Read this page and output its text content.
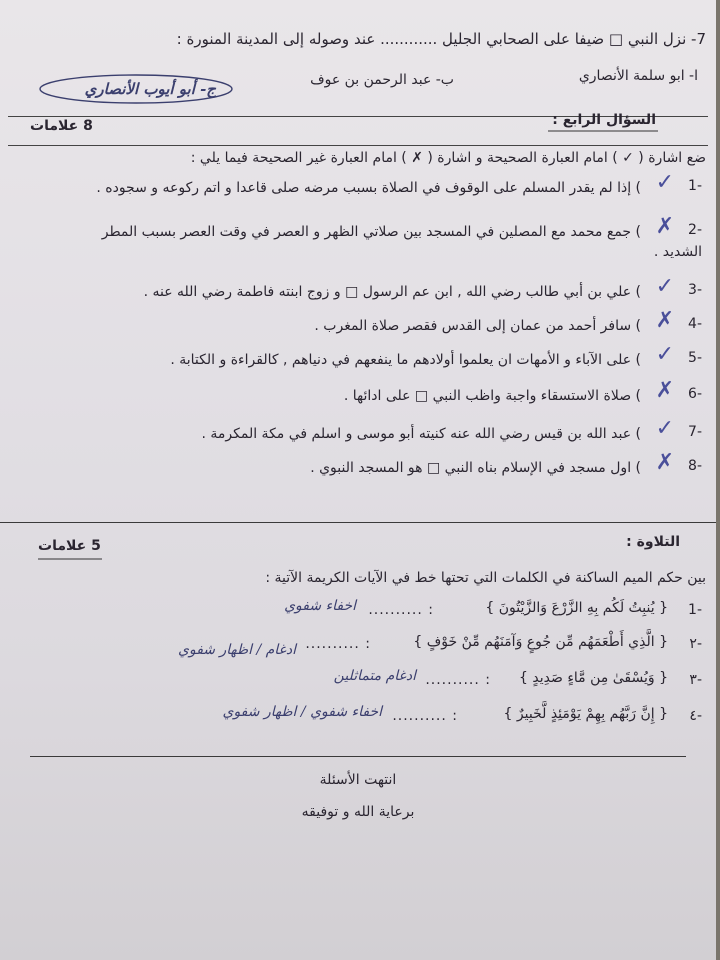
7- نزل النبي □ ضيفا على الصحابي الجليل ............ عند وصوله إلى المدينة المنورة :
ا- ابو سلمة الأنصاري
ب- عبد الرحمن بن عوف
ج- أبو أيوب الأنصاري
السؤال الرابع :
8 علامات
ضع اشارة ( ✓ ) امام العبارة الصحيحة و اشارة ( ✗ ) امام العبارة غير الصحيحة فيما يلي :
-1
✓
) إذا لم يقدر المسلم على الوقوف في الصلاة بسبب مرضه صلى قاعدا و اتم ركوعه و سجوده .
-2
✗
) جمع محمد مع المصلين في المسجد بين صلاتي الظهر و العصر في وقت العصر بسبب المطر
الشديد .
-3
✓
) علي بن أبي طالب رضي الله , ابن عم الرسول □ و زوج ابنته فاطمة رضي الله عنه .
-4
✗
) سافر أحمد من عمان إلى القدس فقصر صلاة المغرب .
-5
✓
) على الآباء و الأمهات ان يعلموا أولادهم ما ينفعهم في دنياهم , كالقراءة و الكتابة .
-6
✗
) صلاة الاستسقاء واجبة واظب النبي □ على ادائها .
-7
✓
) عبد الله بن قيس رضي الله عنه كنيته أبو موسى و اسلم في مكة المكرمة .
-8
✗
) اول مسجد في الإسلام بناه النبي □ هو المسجد النبوي .
التلاوة :
5 علامات
بين حكم الميم الساكنة في الكلمات التي تحتها خط في الآيات الكريمة الآتية :
-1
{ يُنبِتُ لَكُم بِهِ الزَّرْعَ وَالزَّيْتُونَ }
: ..........
اخفاء شفوي
-٢
{ الَّذِي أَطْعَمَهُم مِّن جُوعٍ وَآمَنَهُم مِّنْ خَوْفٍ }
: ..........
ادغام / اظهار شفوي
-٣
{ وَيُسْقَىٰ مِن مَّاءٍ صَدِيدٍ }
: ..........
ادغام متماثلين
-٤
{ إِنَّ رَبَّهُم بِهِمْ يَوْمَئِذٍ لَّخَبِيرٌ }
: ..........
اخفاء شفوي / اظهار شفوي
انتهت الأسئلة
برعاية الله و توفيقه
